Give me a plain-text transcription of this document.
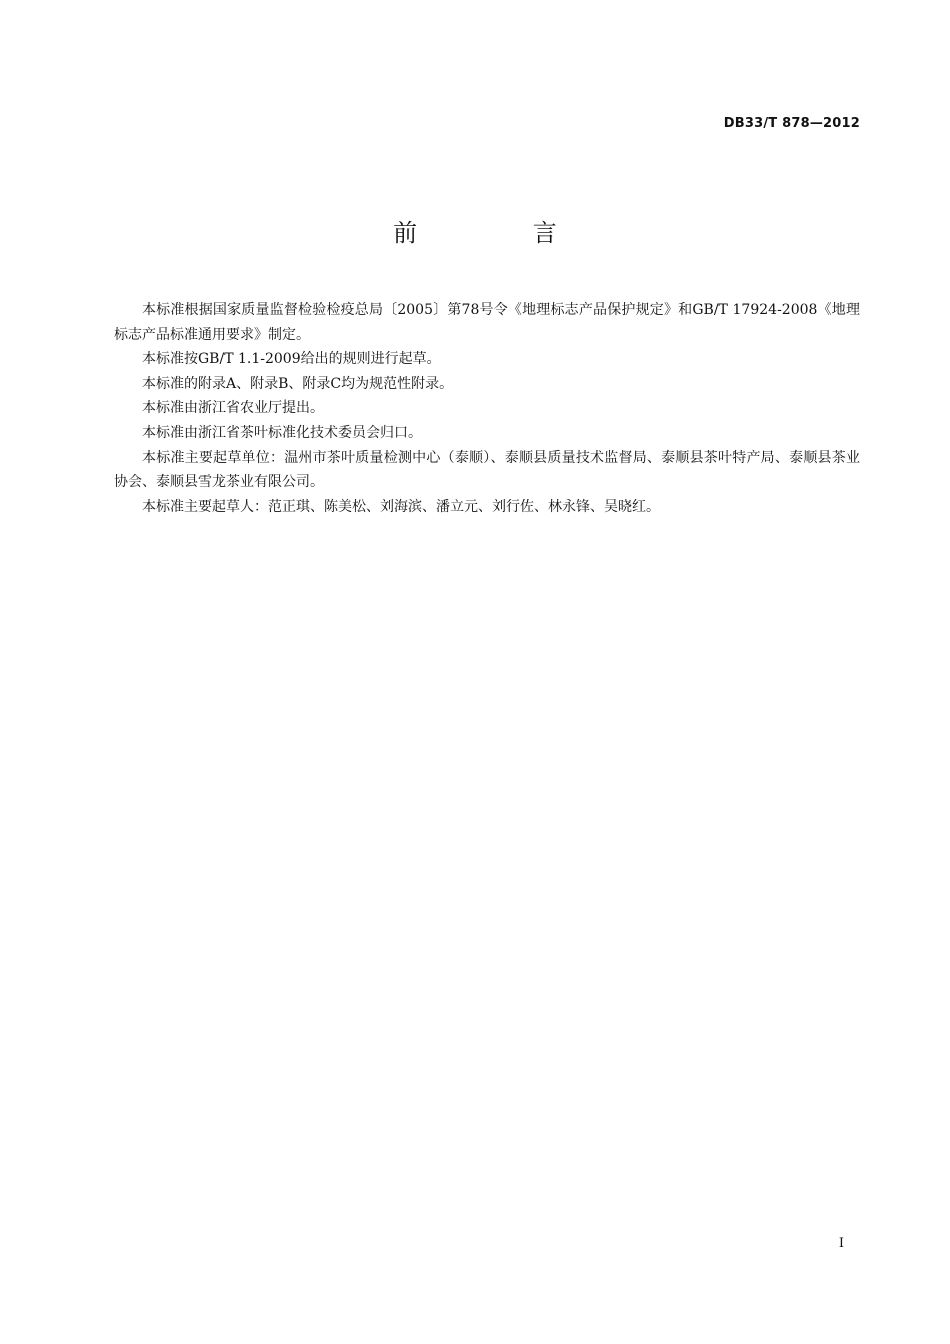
DB33/T 878—2012
前 言

本标准根据国家质量监督检验检疫总局〔2005〕第78号令《地理标志产品保护规定》和GB/T 17924-2008《地理标志产品标准通用要求》制定。

本标准按GB/T 1.1-2009给出的规则进行起草。

本标准的附录A、附录B、附录C均为规范性附录。

本标准由浙江省农业厅提出。

本标准由浙江省茶叶标准化技术委员会归口。

本标准主要起草单位：温州市茶叶质量检测中心（泰顺）、泰顺县质量技术监督局、泰顺县茶叶特产局、泰顺县茶业协会、泰顺县雪龙茶业有限公司。

本标准主要起草人：范正琪、陈美松、刘海滨、潘立元、刘行佐、林永锋、吴晓红。

I
